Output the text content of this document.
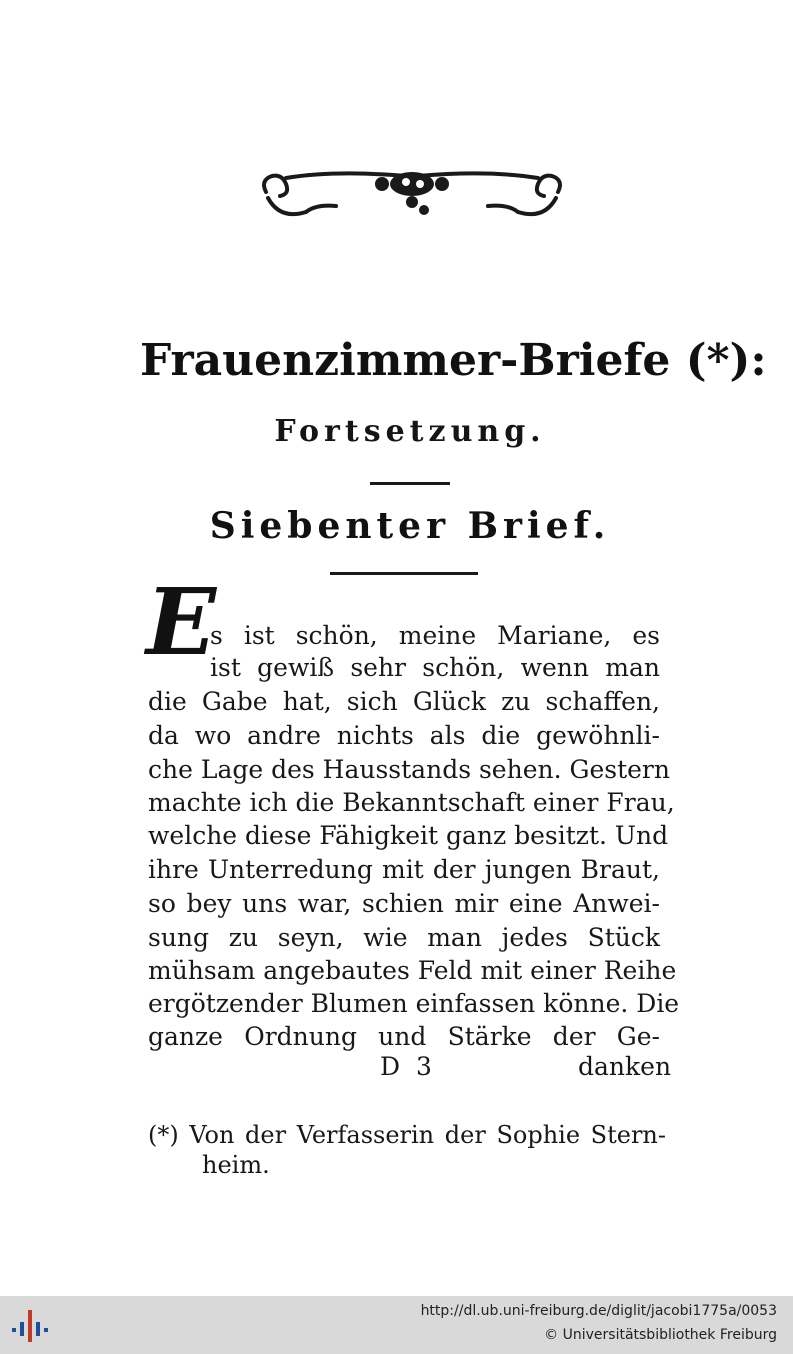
Frauenzimmer-Briefe (*):
Fortsetzung.
Siebenter Brief.
E
s ist schön, meine Mariane, es
ist gewiß sehr schön, wenn man
die Gabe hat, sich Glück zu schaffen,
da wo andre nichts als die gewöhnli-
che Lage des Hausstands sehen. Gestern
machte ich die Bekanntschaft einer Frau,
welche diese Fähigkeit ganz besitzt. Und
ihre Unterredung mit der jungen Braut,
so bey uns war, schien mir eine Anwei-
sung zu seyn, wie man jedes Stück
mühsam angebautes Feld mit einer Reihe
ergötzender Blumen einfassen könne. Die
ganze Ordnung und Stärke der Ge-
D 3	danken
(*) Von der Verfasserin der Sophie Stern-
heim.
http://dl.ub.uni-freiburg.de/diglit/jacobi1775a/0053
© Universitätsbibliothek Freiburg
